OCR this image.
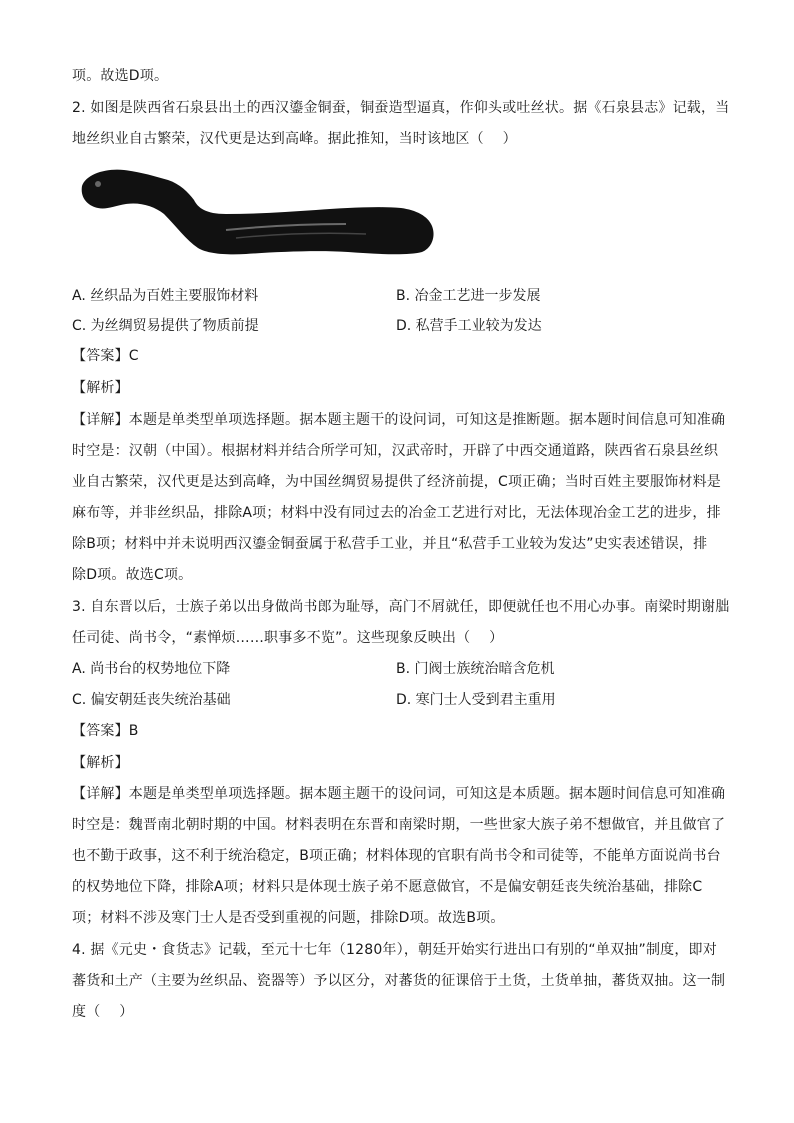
项。故选D项。
2. 如图是陕西省石泉县出土的西汉鎏金铜蚕，铜蚕造型逼真，作仰头或吐丝状。据《石泉县志》记载，当
地丝织业自古繁荣，汉代更是达到高峰。据此推知，当时该地区（　 ）
A. 丝织品为百姓主要服饰材料	B. 冶金工艺进一步发展
C. 为丝绸贸易提供了物质前提	D. 私营手工业较为发达
【答案】C
【解析】
【详解】本题是单类型单项选择题。据本题主题干的设问词，可知这是推断题。据本题时间信息可知准确
时空是：汉朝（中国）。根据材料并结合所学可知，汉武帝时，开辟了中西交通道路，陕西省石泉县丝织
业自古繁荣，汉代更是达到高峰，为中国丝绸贸易提供了经济前提，C项正确；当时百姓主要服饰材料是
麻布等，并非丝织品，排除A项；材料中没有同过去的冶金工艺进行对比，无法体现冶金工艺的进步，排
除B项；材料中并未说明西汉鎏金铜蚕属于私营手工业，并且“私营手工业较为发达”史实表述错误，排
除D项。故选C项。
3. 自东晋以后，士族子弟以出身做尚书郎为耻辱，高门不屑就任，即便就任也不用心办事。南梁时期谢朏
任司徒、尚书令，“素惮烦……职事多不览”。这些现象反映出（　 ）
A. 尚书台的权势地位下降	B. 门阀士族统治暗含危机
C. 偏安朝廷丧失统治基础	D. 寒门士人受到君主重用
【答案】B
【解析】
【详解】本题是单类型单项选择题。据本题主题干的设问词，可知这是本质题。据本题时间信息可知准确
时空是：魏晋南北朝时期的中国。材料表明在东晋和南梁时期，一些世家大族子弟不想做官，并且做官了
也不勤于政事，这不利于统治稳定，B项正确；材料体现的官职有尚书令和司徒等，不能单方面说尚书台
的权势地位下降，排除A项；材料只是体现士族子弟不愿意做官，不是偏安朝廷丧失统治基础，排除C
项；材料不涉及寒门士人是否受到重视的问题，排除D项。故选B项。
4. 据《元史・食货志》记载，至元十七年（1280年），朝廷开始实行进出口有别的“单双抽”制度，即对
蕃货和土产（主要为丝织品、瓷器等）予以区分，对蕃货的征课倍于土货，土货单抽，蕃货双抽。这一制
度（　 ）
